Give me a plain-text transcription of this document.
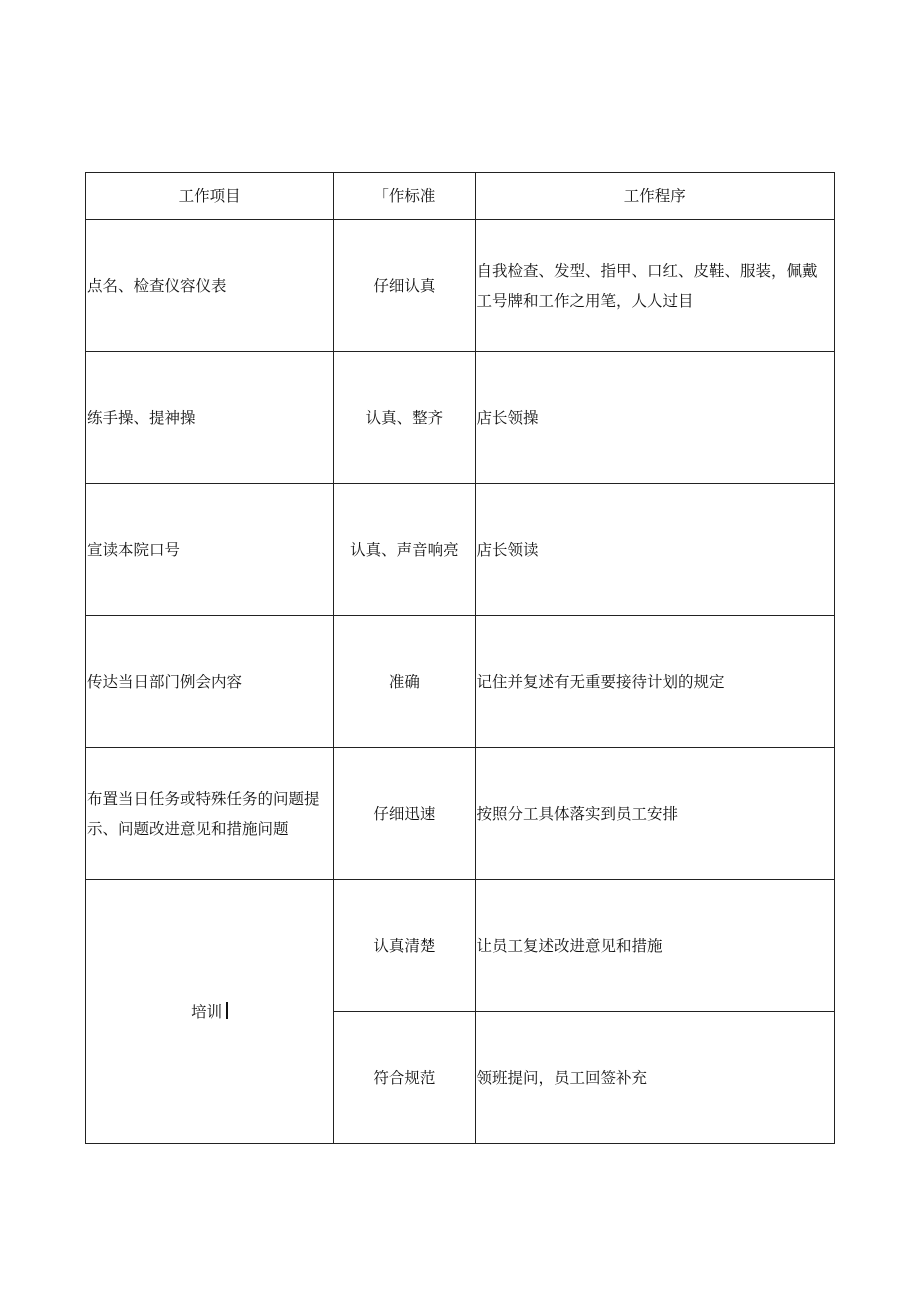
工作项目	「作标准	工作程序
点名、检查仪容仪表	仔细认真	自我检查、发型、指甲、口红、皮鞋、服装，佩戴工号牌和工作之用笔，人人过目
练手操、提神操	认真、整齐	店长领操
宣读本院口号	认真、声音响亮	店长领读
传达当日部门例会内容	准确	记住并复述有无重要接待计划的规定
布置当日任务或特殊任务的问题提示、问题改进意见和措施问题	仔细迅速	按照分工具体落实到员工安排
培训	认真清楚	让员工复述改进意见和措施
	符合规范	领班提问，员工回签补充
